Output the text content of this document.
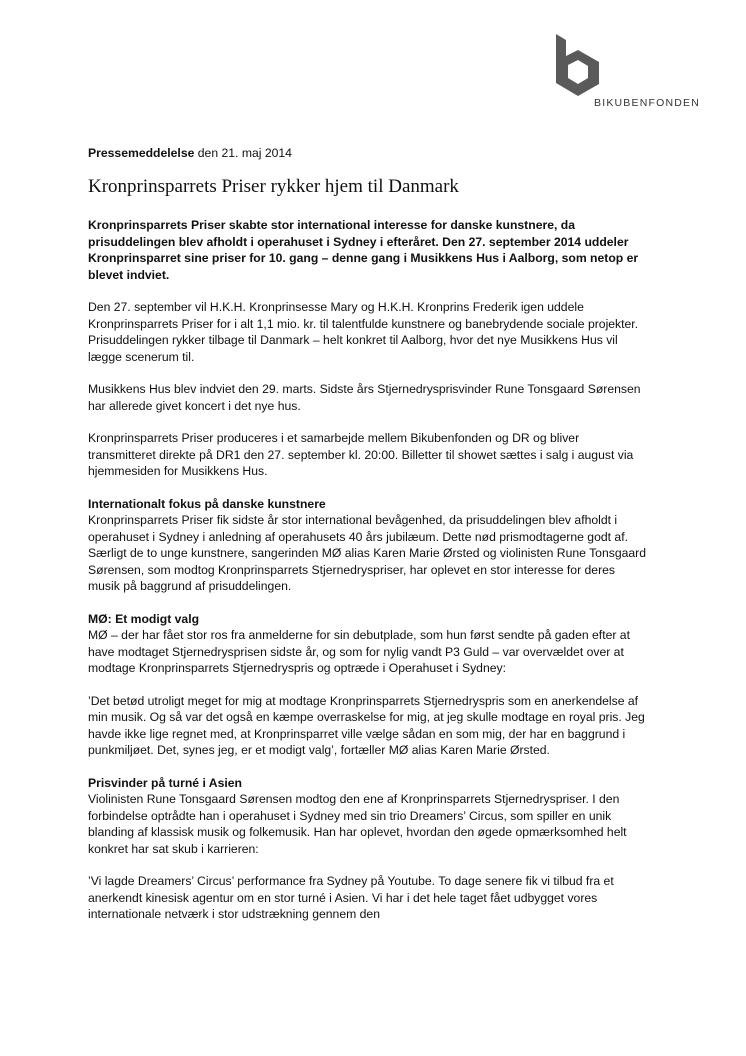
BIKUBENFONDEN
Pressemeddelelse den 21. maj 2014
Kronprinsparrets Priser rykker hjem til Danmark

Kronprinsparrets Priser skabte stor international interesse for danske kunstnere, da prisuddelingen blev afholdt i operahuset i Sydney i efteråret. Den 27. september 2014 uddeler Kronprinsparret sine priser for 10. gang – denne gang i Musikkens Hus i Aalborg, som netop er blevet indviet.

Den 27. september vil H.K.H. Kronprinsesse Mary og H.K.H. Kronprins Frederik igen uddele Kronprinsparrets Priser for i alt 1,1 mio. kr. til talentfulde kunstnere og banebrydende sociale projekter. Prisuddelingen rykker tilbage til Danmark – helt konkret til Aalborg, hvor det nye Musikkens Hus vil lægge scenerum til.

Musikkens Hus blev indviet den 29. marts. Sidste års Stjernedrysprisvinder Rune Tonsgaard Sørensen har allerede givet koncert i det nye hus.

Kronprinsparrets Priser produceres i et samarbejde mellem Bikubenfonden og DR og bliver transmitteret direkte på DR1 den 27. september kl. 20:00. Billetter til showet sættes i salg i august via hjemmesiden for Musikkens Hus.

Internationalt fokus på danske kunstnere
Kronprinsparrets Priser fik sidste år stor international bevågenhed, da prisuddelingen blev afholdt i operahuset i Sydney i anledning af operahusets 40 års jubilæum. Dette nød prismodtagerne godt af. Særligt de to unge kunstnere, sangerinden MØ alias Karen Marie Ørsted og violinisten Rune Tonsgaard Sørensen, som modtog Kronprinsparrets Stjernedryspriser, har oplevet en stor interesse for deres musik på baggrund af prisuddelingen.
MØ: Et modigt valg
MØ – der har fået stor ros fra anmelderne for sin debutplade, som hun først sendte på gaden efter at have modtaget Stjernedrysprisen sidste år, og som for nylig vandt P3 Guld – var overvældet over at modtage Kronprinsparrets Stjernedryspris og optræde i Operahuset i Sydney:
’Det betød utroligt meget for mig at modtage Kronprinsparrets Stjernedryspris som en anerkendelse af min musik. Og så var det også en kæmpe overraskelse for mig, at jeg skulle modtage en royal pris. Jeg havde ikke lige regnet med, at Kronprinsparret ville vælge sådan en som mig, der har en baggrund i punkmiljøet. Det, synes jeg, er et modigt valg’, fortæller MØ alias Karen Marie Ørsted.
Prisvinder på turné i Asien
Violinisten Rune Tonsgaard Sørensen modtog den ene af Kronprinsparrets Stjernedryspriser. I den forbindelse optrådte han i operahuset i Sydney med sin trio Dreamers’ Circus, som spiller en unik blanding af klassisk musik og folkemusik. Han har oplevet, hvordan den øgede opmærksomhed helt konkret har sat skub i karrieren:
’Vi lagde Dreamers’ Circus’ performance fra Sydney på Youtube. To dage senere fik vi tilbud fra et anerkendt kinesisk agentur om en stor turné i Asien. Vi har i det hele taget fået udbygget vores internationale netværk i stor udstrækning gennem den
